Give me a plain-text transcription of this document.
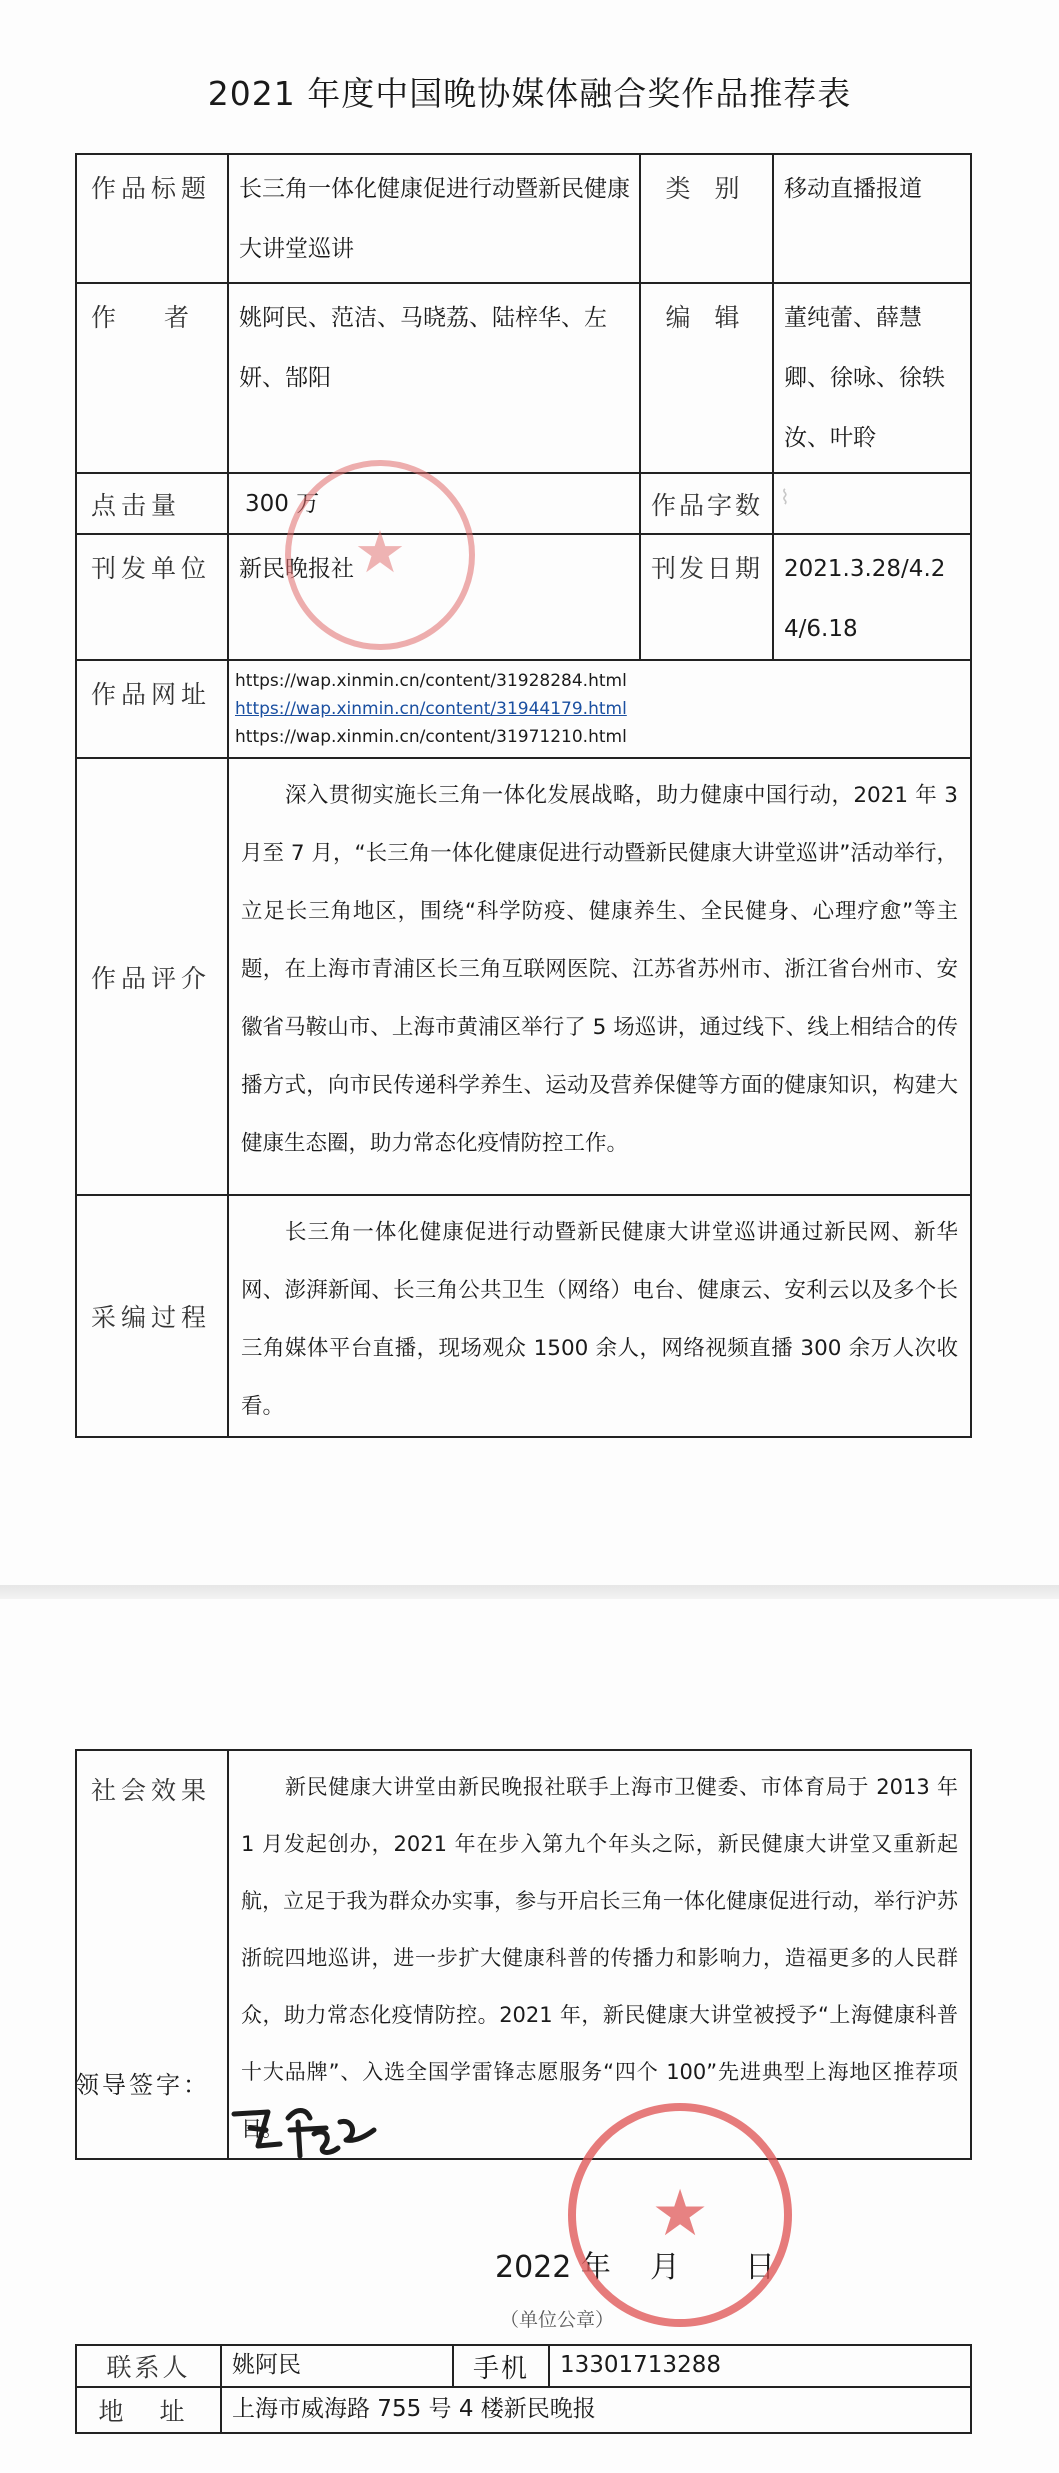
2021 年度中国晚协媒体融合奖作品推荐表
作品标题	长三角一体化健康促进行动暨新民健康大讲堂巡讲	类 别	移动直播报道
作 者	姚阿民、范洁、马晓荔、陆梓华、左妍、郜阳	编 辑	董纯蕾、薛慧卿、徐咏、徐轶汝、叶聆
点击量	300 万	作品字数	
刊发单位	新民晚报社	刊发日期	2021.3.28/4.24/6.18
作品网址	https://wap.xinmin.cn/content/31928284.html
https://wap.xinmin.cn/content/31944179.html
https://wap.xinmin.cn/content/31971210.html		

作品评介	深入贯彻实施长三角一体化发展战略，助力健康中国行动，2021 年 3 月至 7 月，“长三角一体化健康促进行动暨新民健康大讲堂巡讲”活动举行，立足长三角地区，围绕“科学防疫、健康养生、全民健身、心理疗愈”等主题，在上海市青浦区长三角互联网医院、江苏省苏州市、浙江省台州市、安徽省马鞍山市、上海市黄浦区举行了 5 场巡讲，通过线下、线上相结合的传播方式，向市民传递科学养生、运动及营养保健等方面的健康知识，构建大健康生态圈，助力常态化疫情防控工作。		
采编过程	长三角一体化健康促进行动暨新民健康大讲堂巡讲通过新民网、新华网、澎湃新闻、长三角公共卫生（网络）电台、健康云、安利云以及多个长三角媒体平台直播，现场观众 1500 余人，网络视频直播 300 余万人次收看。		
⌇
社会效果	新民健康大讲堂由新民晚报社联手上海市卫健委、市体育局于 2013 年 1 月发起创办，2021 年在步入第九个年头之际，新民健康大讲堂又重新起航，立足于我为群众办实事，参与开启长三角一体化健康促进行动，举行沪苏浙皖四地巡讲，进一步扩大健康科普的传播力和影响力，造福更多的人民群众，助力常态化疫情防控。2021 年，新民健康大讲堂被授予“上海健康科普十大品牌”、入选全国学雷锋志愿服务“四个 100”先进典型上海地区推荐项目。
领导签字：
2022 年 月 日
（单位公章）
联系人	姚阿民	手机	13301713288
地 址	上海市威海路 755 号 4 楼新民晚报		
★
★
